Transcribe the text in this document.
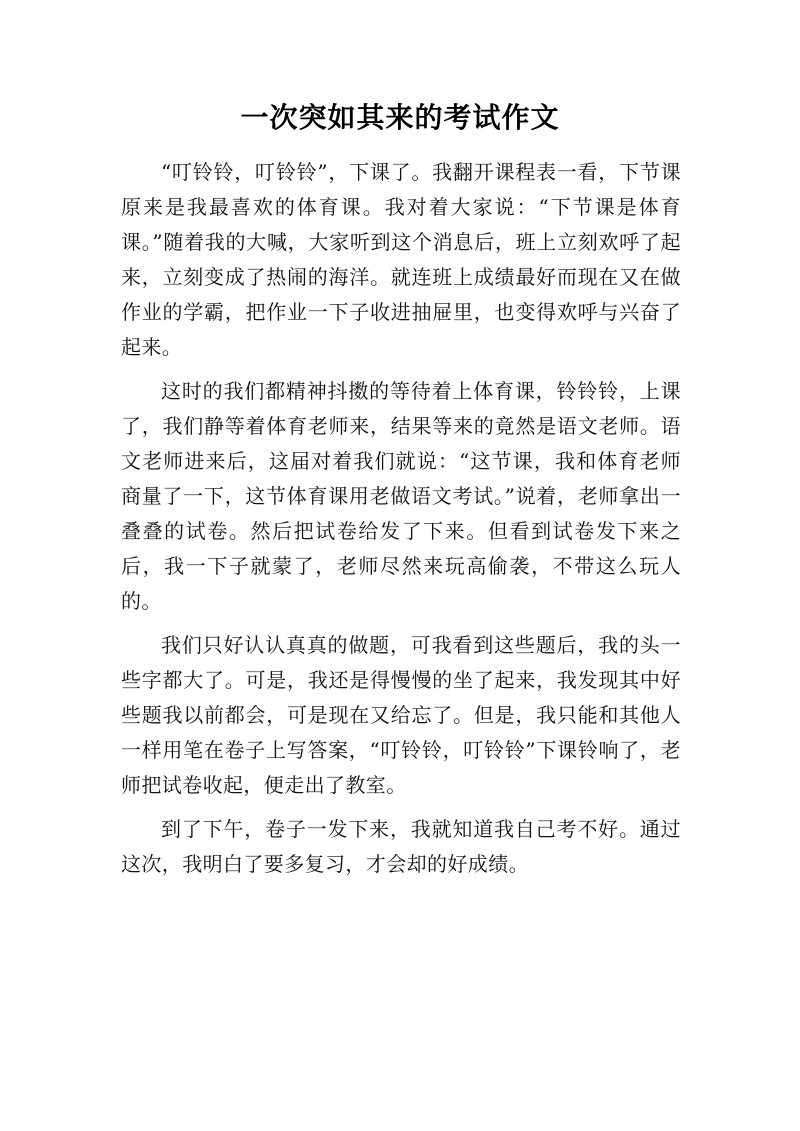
一次突如其来的考试作文

“叮铃铃，叮铃铃”，下课了。我翻开课程表一看，下节课原来是我最喜欢的体育课。我对着大家说：“下节课是体育课。”随着我的大喊，大家听到这个消息后，班上立刻欢呼了起来，立刻变成了热闹的海洋。就连班上成绩最好而现在又在做作业的学霸，把作业一下子收进抽屉里，也变得欢呼与兴奋了起来。

这时的我们都精神抖擞的等待着上体育课，铃铃铃，上课了，我们静等着体育老师来，结果等来的竟然是语文老师。语文老师进来后，这届对着我们就说：“这节课，我和体育老师商量了一下，这节体育课用老做语文考试。”说着，老师拿出一叠叠的试卷。然后把试卷给发了下来。但看到试卷发下来之后，我一下子就蒙了，老师尽然来玩高偷袭，不带这么玩人的。

我们只好认认真真的做题，可我看到这些题后，我的头一些字都大了。可是，我还是得慢慢的坐了起来，我发现其中好些题我以前都会，可是现在又给忘了。但是，我只能和其他人一样用笔在卷子上写答案，“叮铃铃，叮铃铃”下课铃响了，老师把试卷收起，便走出了教室。

到了下午，卷子一发下来，我就知道我自己考不好。通过这次，我明白了要多复习，才会却的好成绩。
